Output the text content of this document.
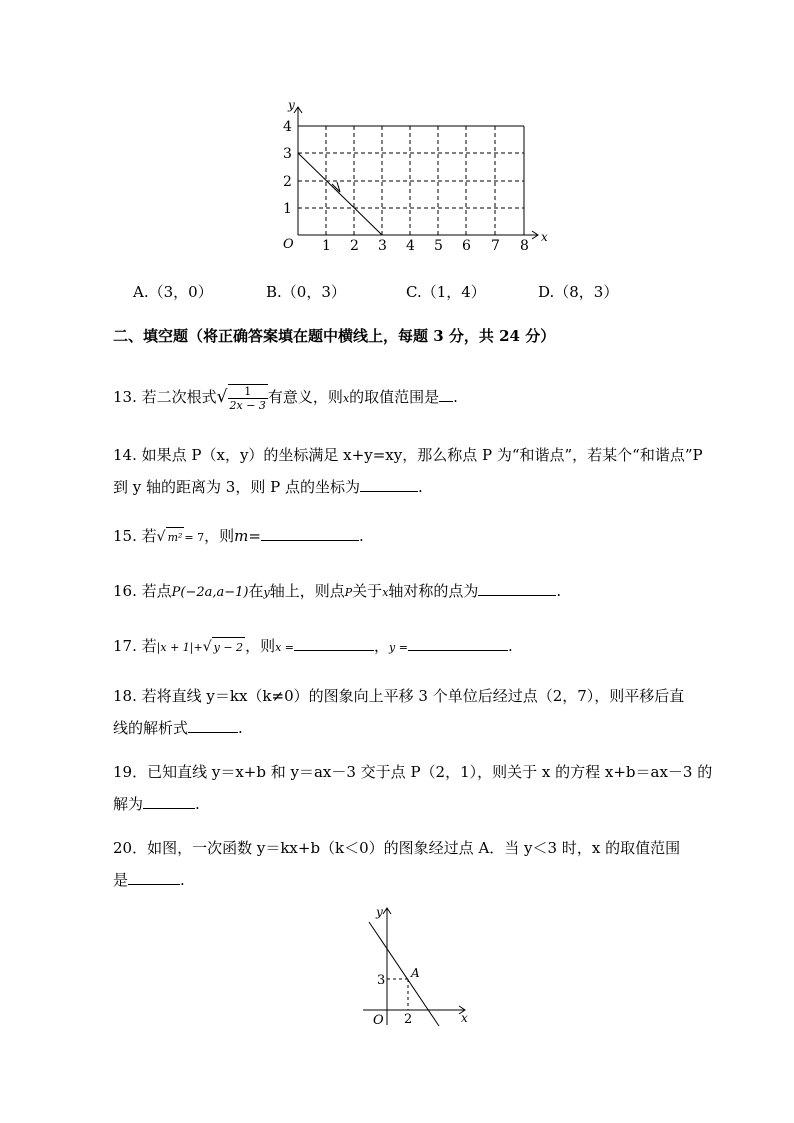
y
x
O
4
3
2
1
1 2 3 4 5 6 7 8
A.（3，0）	B.（0，3）	C.（1，4）	D.（8，3）
二、填空题（将正确答案填在题中横线上，每题 3 分，共 24 分）
13. 若二次根式√ $\frac{1}{2x - 3}$ 有意义，则x的取值范围是 .
14. 如果点 P（x，y）的坐标满足 x+y=xy，那么称点 P 为“和谐点”，若某个“和谐点”P
到 y 轴的距离为 3，则 P 点的坐标为	.
15. 若√ m² = 7，则m=	.
16. 若点P(−2a,a−1)在y轴上，则点P关于x轴对称的点为	.
17. 若|x + 1|+√ y − 2 ，则x =	，y =	.
18. 若将直线 y＝kx（k≠0）的图象向上平移 3 个单位后经过点（2，7），则平移后直
线的解析式	.
19．已知直线 y＝x+b 和 y＝ax－3 交于点 P（2，1），则关于 x 的方程 x+b＝ax－3 的
解为	.
20．如图，一次函数 y＝kx+b（k＜0）的图象经过点 A．当 y＜3 时，x 的取值范围
是	.
y
x
O
3
2
A
